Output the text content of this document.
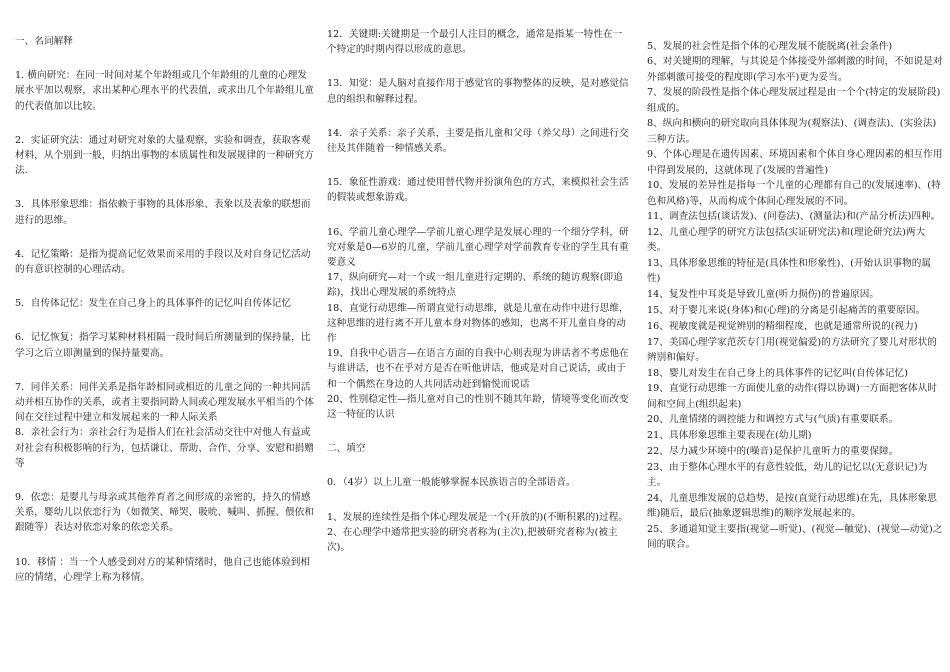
一、名词解释

1. 横向研究：在同一时间对某个年龄组或几个年龄组的儿童的心理发展水平加以观察，求出某种心理水平的代表值，或求出几个年龄组儿童的代表值加以比较。

2．实证研究法：通过对研究对象的大量观察，实验和调查，获取客观材料，从个别到一般，归纳出事物的本质属性和发展规律的一种研究方法.

3．具体形象思维：指依赖于事物的具体形象、表象以及表象的联想而进行的思维。

4．记忆策略：是指为提高记忆效果而采用的手段以及对自身记忆活动的有意识控制的心理活动。

5．自传体记忆：发生在自己身上的具体事件的记忆叫自传体记忆

6．记忆恢复：指学习某种材料相隔一段时间后所测量到的保持量，比学习之后立即测量到的保持量要高。

7．同伴关系：同伴关系是指年龄相同或相近的儿童之间的一种共同活动并相互协作的关系，或者主要指同龄人间或心理发展水平相当的个体间在交往过程中建立和发展起来的一种人际关系

8．亲社会行为：亲社会行为是指人们在社会活动交往中对他人有益或对社会有积极影响的行为，包括谦让、帮助、合作、分享、安慰和捐赠等

9．依恋：是婴儿与母亲或其他养育者之间形成的亲密的，持久的情感关系，婴幼儿以依恋行为（如微笑、啼哭、吸吮、喊叫、抓握、偎依和跟随等）表达对依恋对象的依恋关系。

10．移情 ：当一个人感受到对方的某种情绪时，他自己也能体验到相应的情绪，心理学上称为移情。

12．关键期:关键期是一个最引人注目的概念，通常是指某一特性在一个特定的时期内得以形成的意思。

13．知觉：是人脑对直接作用于感觉官的事物整体的反映，是对感觉信息的组织和解释过程。

14．亲子关系：亲子关系，主要是指儿童和父母（养父母）之间进行交往及其伴随着一种情感关系。

15．象征性游戏：通过使用替代物并扮演角色的方式，来模拟社会生活的假装或想象游戏。

16、学前儿童心理学—学前儿童心理学是发展心理的一个细分学科，研究对象是0—6岁的儿童，学前儿童心理学对学前教育专业的学生具有重要意义

17、纵向研究—对一个或一组儿童进行定期的、系统的随访观察(即追踪)，找出心理发展的系统特点

18、直觉行动思维—所谓直觉行动思维，就是儿童在动作中进行思维，这种思维的进行离不开儿童本身对物体的感知，也离不开儿童自身的动作

19、自我中心语言—在语言方面的自我中心则表现为讲话者不考虑他在与谁讲话，也不在乎对方是否在听他讲话，他或是对自己说话，或由于和一个偶然在身边的人共同活动赶到愉悦而说话

20、性别稳定性—指儿童对自己的性别不随其年龄，情境等变化而改变这一特征的认识

二、填空

0．（4岁）以上儿童一般能够掌握本民族语言的全部语音。

1、发展的连续性是指个体心理发展是一个(开放的)(不断积累的)过程。

2、在心理学中通常把实验的研究者称为(主次),把被研究者称为(被主次)。

5、发展的社会性是指个体的心理发展不能脱离(社会条件)

6、对关键期的理解，与其说是个体接受外部刺激的时间，不如说是对外部刺激可接受的程度即(学习水平)更为妥当。

7、发展的阶段性是指个体心理发展过程是由一个个(特定的发展阶段)组成的。

8、纵向和横向的研究取向具体体现为(观察法)、(调查法)、(实验法)三种方法。

9、个体心理是在遗传因素、环境因素和个体自身心理因素的相互作用中得到发展的，这就体现了(发展的普遍性)

10、发展的差异性是指每一个儿童的心理都有自己的(发展速率)、(特色和风格)等，从而构成个体间心理发展的不同。

11、调查法包括(谈话发)、(问卷法)、(测量法)和(产品分析法)四种。

12、儿童心理学的研究方法包括(实证研究法)和(理论研究法)两大类。

13、具体形象思维的特征是(具体性和形象性)、(开始认识事物的属性)

14、复发性中耳炎是导致儿童(听力损伤)的普遍原因。

15、对于婴儿来说(身体)和(心理)的分离是引起痛苦的重要原因。

16、视敏度就是视觉辨别的精细程度，也就是通常所说的(视力)

17、美国心理学家范茨专门用(视觉偏爱)的方法研究了婴儿对形状的辨别和偏好。

18、婴儿对发生在自己身上的具体事件的记忆叫(自传体记忆)

19、直觉行动思维一方面使儿童的动作(得以协调)一方面把客体从时间和空间上(组织起来)

20、儿童情绪的调控能力和调控方式与(气质)有重要联系。

21、具体形象思维主要表现在(幼儿期)

22、尽力减少环境中的(噪音)是保护儿童听力的重要保障。

23、由于整体心理水平的有意性较低，幼儿的记忆以(无意识记)为主。

24、儿童思维发展的总趋势，是按(直觉行动思维)在先，具体形象思维)随后，最后(抽象逻辑思维)的顺序发展起来的。

25、多通道知觉主要指(视觉—听觉)、(视觉—触觉)、(视觉—动觉)之间的联合。
